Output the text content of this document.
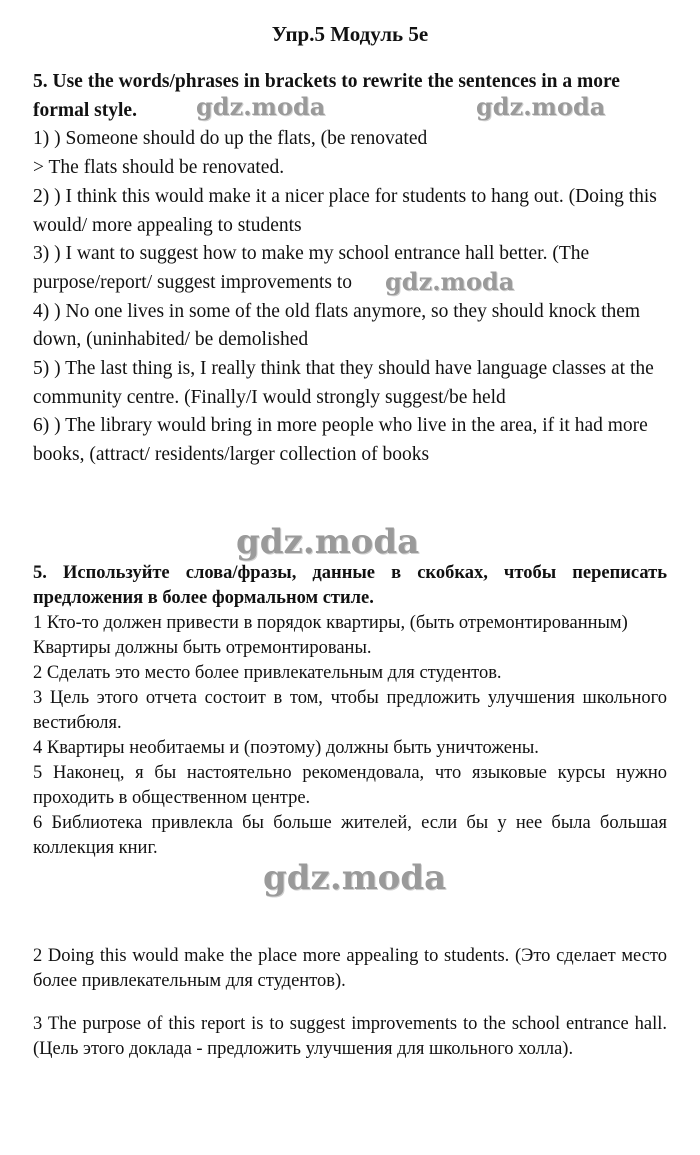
Упр.5 Модуль 5е

5. Use the words/phrases in brackets to rewrite the sentences in a more formal style.

1) ) Someone should do up the flats, (be renovated

> The flats should be renovated.

2) ) I think this would make it a nicer place for students to hang out. (Doing this would/ more appealing to students

3) ) I want to suggest how to make my school entrance hall better. (The purpose/report/ suggest improvements to

4) ) No one lives in some of the old flats anymore, so they should knock them down, (uninhabited/ be demolished

5) ) The last thing is, I really think that they should have language classes at the community centre. (Finally/I would strongly suggest/be held

6) ) The library would bring in more people who live in the area, if it had more books, (attract/ residents/larger collection of books

5. Используйте слова/фразы, данные в скобках, чтобы переписать предложения в более формальном стиле.

1 Кто-то должен привести в порядок квартиры, (быть отремонтированным)

Квартиры должны быть отремонтированы.

2 Сделать это место более привлекательным для студентов.

3 Цель этого отчета состоит в том, чтобы предложить улучшения школьного вестибюля.

4 Квартиры необитаемы и (поэтому) должны быть уничтожены.

5 Наконец, я бы настоятельно рекомендовала, что языковые курсы нужно проходить в общественном центре.

6 Библиотека привлекла бы больше жителей, если бы у нее была большая коллекция книг.

2 Doing this would make the place more appealing to students. (Это сделает место более привлекательным для студентов).

3 The purpose of this report is to suggest improvements to the school entrance hall. (Цель этого доклада - предложить улучшения для школьного холла).

gdz.moda	gdz.moda
gdz.moda
gdz.moda
gdz.moda
